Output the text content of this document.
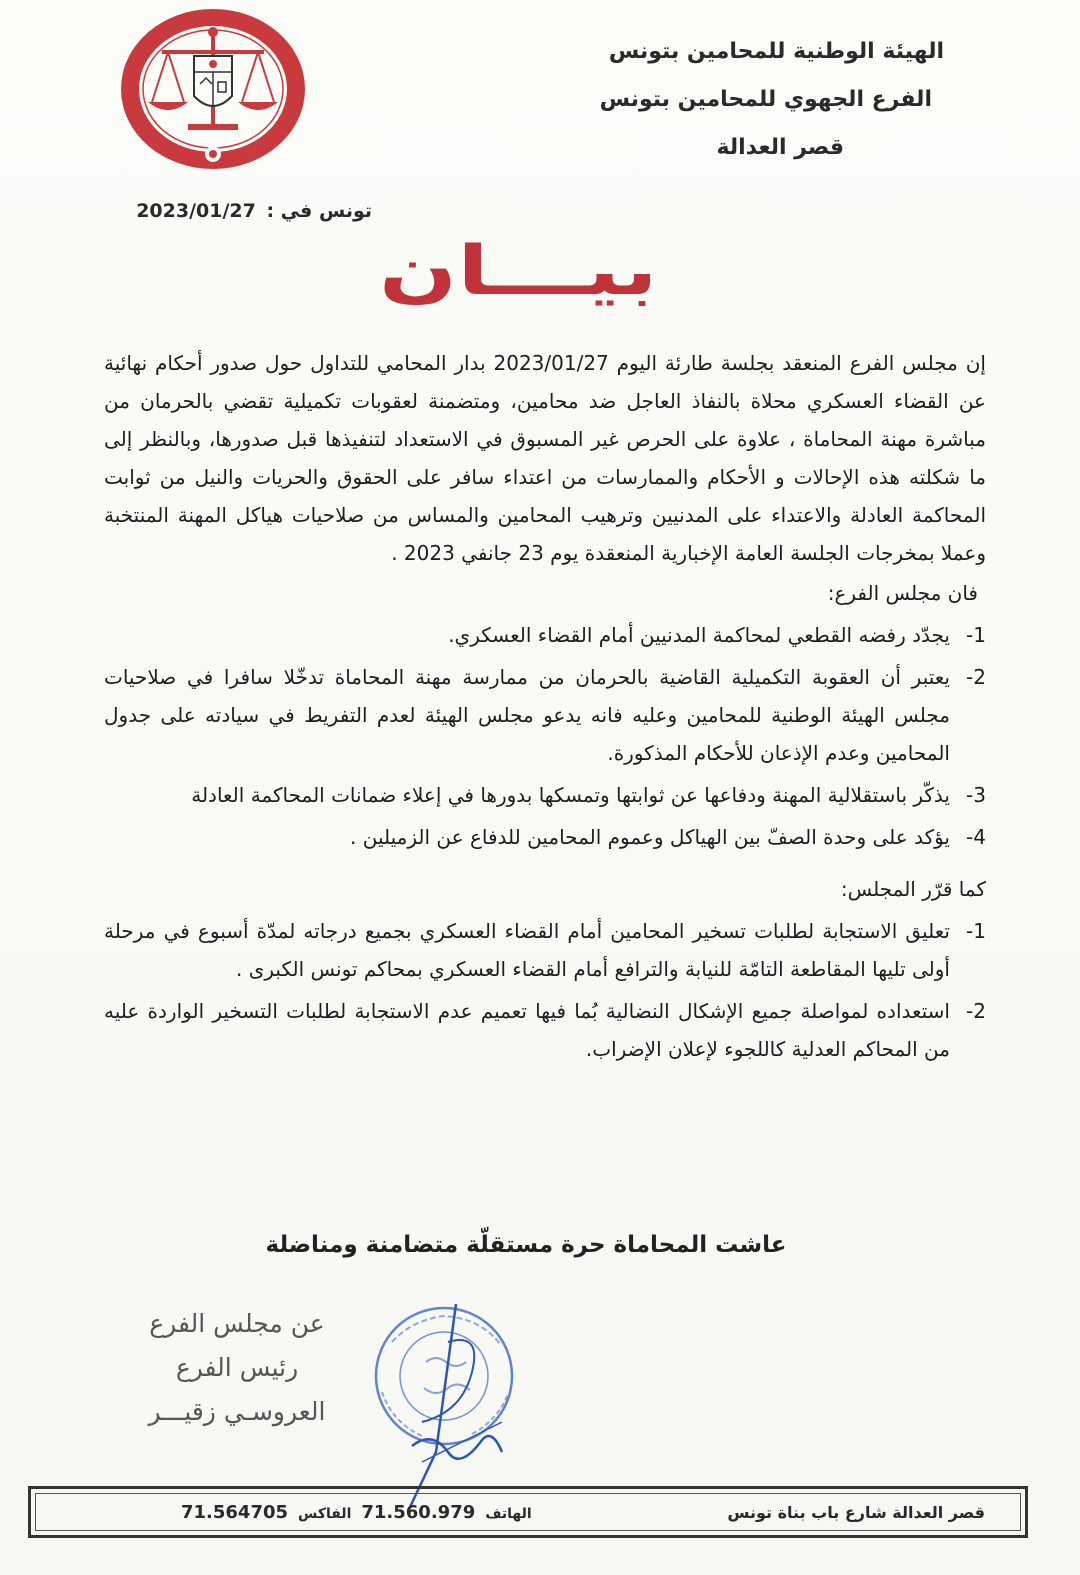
الهيئة الوطنية للمحامين بتونس
الفرع الجهوي للمحامين بتونس
قصر العدالة
تونس في : 2023/01/27
بيـــان

إن مجلس الفرع المنعقد بجلسة طارئة اليوم 2023/01/27 بدار المحامي للتداول حول صدور أحكام نهائية عن القضاء العسكري محلاة بالنفاذ العاجل ضد محامين، ومتضمنة لعقوبات تكميلية تقضي بالحرمان من مباشرة مهنة المحاماة ، علاوة على الحرص غير المسبوق في الاستعداد لتنفيذها قبل صدورها، وبالنظر إلى ما شكلته هذه الإحالات و الأحكام والممارسات من اعتداء سافر على الحقوق والحريات والنيل من ثوابت المحاكمة العادلة والاعتداء على المدنيين وترهيب المحامين والمساس من صلاحيات هياكل المهنة المنتخبة وعملا بمخرجات الجلسة العامة الإخبارية المنعقدة يوم 23 جانفي 2023 .

فان مجلس الفرع:
-1
يجدّد رفضه القطعي لمحاكمة المدنيين أمام القضاء العسكري.
-2
يعتبر أن العقوبة التكميلية القاضية بالحرمان من ممارسة مهنة المحاماة تدخّلا سافرا في صلاحيات مجلس الهيئة الوطنية للمحامين وعليه فانه يدعو مجلس الهيئة لعدم التفريط في سيادته على جدول المحامين وعدم الإذعان للأحكام المذكورة.
-3
يذكّر باستقلالية المهنة ودفاعها عن ثوابتها وتمسكها بدورها في إعلاء ضمانات المحاكمة العادلة
-4
يؤكد على وحدة الصفّ بين الهياكل وعموم المحامين للدفاع عن الزميلين .
كما قرّر المجلس:
-1
تعليق الاستجابة لطلبات تسخير المحامين أمام القضاء العسكري بجميع درجاته لمدّة أسبوع في مرحلة أولى تليها المقاطعة التامّة للنيابة والترافع أمام القضاء العسكري بمحاكم تونس الكبرى .
-2
استعداده لمواصلة جميع الإشكال النضالية بُما فيها تعميم عدم الاستجابة لطلبات التسخير الواردة عليه من المحاكم العدلية كاللجوء لإعلان الإضراب.
عاشت المحاماة حرة مستقلّة متضامنة ومناضلة
عن مجلس الفرع
رئيس الفرع
العروسـي زقيـــر
قصر العدالة شارع باب بناة تونس
الهاتف
71.560.979
الفاكس
71.564705
